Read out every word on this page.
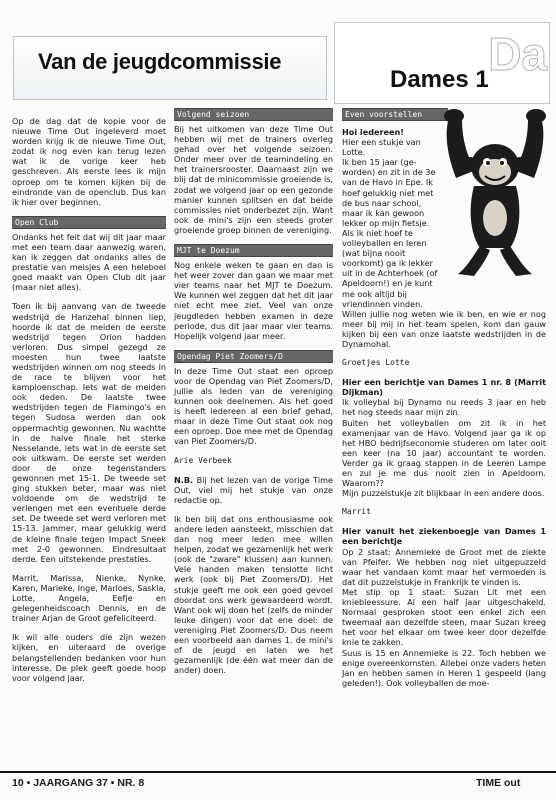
Van de jeugdcommissie	Da
Dames 1

Op de dag dat de kopie voor de nieuwe Time Out ingeleverd moet worden krijg ik de nieuwe Time Out, zodat ik nog even kan terug lezen wat ik de vorige keer heb geschreven. Als eerste lees ik mijn oproep om te komen kijken bij de eindronde van de openclub. Dus kan ik hier over beginnen.

Open Club

Ondanks het feit dat wij dit jaar maar met een team daar aanwezig waren, kan ik zeggen dat ondanks alles de prestatie van meisjes A een heleboel goed maakt van Open Club dit jaar (maar niet alles).

Toen ik bij aanvang van de tweede wedstrijd de Hanzehal binnen liep, hoorde ik dat de meiden de eerste wedstrijd tegen Orion hadden verloren. Dus simpel gezegd ze moesten hun twee laatste wedstrijden winnen om nog steeds in de race te blijven voor het kampioenschap. Iets wat de meiden ook deden. De laatste twee wedstrijden tegen de Flamingo's en tegen Sudosa werden dan ook oppermachtig gewonnen. Nu wachtte in de halve finale het sterke Nesselande, iets wat in de eerste set ook uitkwam. De eerste set werden door de onze tegenstanders gewonnen met 15-1. De tweede set ging stukken beter, maar was niet voldoende om de wedstrijd te verlengen met een eventuele derde set. De tweede set werd verloren met 15-13. Jammer, maar gelukkig werd de kleine finale tegen Impact Sneek met 2-0 gewonnen. Eindresultaat derde. Een uitstekende prestaties.

Marrit, Marissa, Nienke, Nynke, Karen, Marieke, Inge, Marloes, Saskia, Lotte, Angela, Eefje en gelegenheidscoach Dennis, en de trainer Arjan de Groot gefeliciteerd.

Ik wil alle ouders die zijn wezen kijken, en uiteraard de overige belangstellenden bedanken voor hun interesse. De plek geeft goede hoop voor volgend jaar.

Volgend seizoen

Bij het uitkomen van deze Time Out hebben wij met de trainers overleg gehad over het volgende seizoen. Onder meer over de teamindeling en het trainersrooster. Daarnaast zijn we blij dat de minicommissie groeiende is, zodat we volgend jaar op een gezonde manier kunnen splitsen en dat beide commissies niet onderbezet zijn. Want ook de mini's zijn een steeds groter groeiende groep binnen de vereniging.

MJT te Doezum

Nog enkele weken te gaan en dan is het weer zover dan gaan we maar met vier teams naar het MJT te Doezum. We kunnen wel zeggen dat het dit jaar niet echt mee ziet. Veel van onze jeugdleden hebben examen in deze periode, dus dit jaar maar vier teams. Hopelijk volgend jaar meer.

Opendag Piet Zoomers/D

In deze Time Out staat een oproep voor de Opendag van Piet Zoomers/D, jullie als leden van de vereniging kunnen ook deelnemen. Als het goed is heeft iedereen al een brief gehad, maar in deze Time Out staat ook nog een oproep. Doe mee met de Opendag van Piet Zoomers/D.

Arie Verbeek

N.B. Bij het lezen van de vorige Time Out, viel mij het stukje van onze redactie op.

Ik ben blij dat ons enthousiasme ook andere leden aansteekt, misschien dat dan nog meer leden mee willen helpen, zodat we gezamenlijk het werk (ook de "zware" klussen) aan kunnen. Vele handen maken tenslotte licht werk (ook bij Piet Zoomers/D). Het stukje geeft me ook een goed gevoel doordat ons werk gewaardeerd wordt. Want ook wij doen het (zelfs de minder leuke dingen) voor dat ene doel: de vereniging Piet Zoomers/D. Dus neem een voorbeeld aan dames 1, de mini's of de jeugd en laten we het gezamenlijk (de één wat meer dan de ander) doen.

Even voorstellen

Hoi iedereen!

Hier een stukje van Lotte.

Ik ben 15 jaar (ge-worden) en zit in de 3e van de Havo in Epe. Ik hoef gelukkig niet met de bus naar school, maar ik kan gewoon lekker op mijn fietsje. Als ik niet hoef te volleyballen en leren (wat bijna nooit voorkomt) ga ik lekker uit in de Achterhoek (of Apeldoorn!) en je kunt me ook altijd bij vriendinnen vinden.

Willen jullie nog weten wie ik ben, en wie er nog meer bij mij in het team spelen, kom dan gauw kijken bij een van onze laatste wedstrijden in de Dynamohal.

Groetjes Lotte

Hier een berichtje van Dames 1 nr. 8 (Marrit Dijkman)

Ik volleybal bij Dynamo nu reeds 3 jaar en heb het nog steeds naar mijn zin.

Buiten het volleyballen om zit ik in het examenjaar van de Havo. Volgend jaar ga ik op het HBO bedrijfseconomie studeren om later ooit een keer (na 10 jaar) accountant te worden. Verder ga ik graag stappen in de Leeren Lampe en zul je me dus nooit zien in Apeldoorn. Waarom??

Mijn puzzelstukje zit blijkbaar in een andere doos.

Marrit

Hier vanuit het ziekenboegje van Dames 1 een berichtje

Op 2 staat: Annemieke de Groot met de ziekte van Pfeifer. We hebben nog niet uitgepuzzeld waar het vandaan komt maar het vermoeden is dat dit puzzelstukje in Frankrijk te vinden is.

Met stip op 1 staat: Suzan Lit met een kniebleessure. Al een half jaar uitgeschakeld. Normaal gesproken stoot een enkel zich een tweemaal aan dezelfde steen, maar Suzan kreeg het voor het elkaar om twee keer door dezelfde knie te zakken.

Suus is 15 en Annemieke is 22. Toch hebben we enige overeenkomsten. Allebei onze vaders heten Jan en hebben samen in Heren 1 gespeeld (lang geleden!). Ook volleyballen de moe-

10 • JAARGANG 37 • NR. 8	TIME out
